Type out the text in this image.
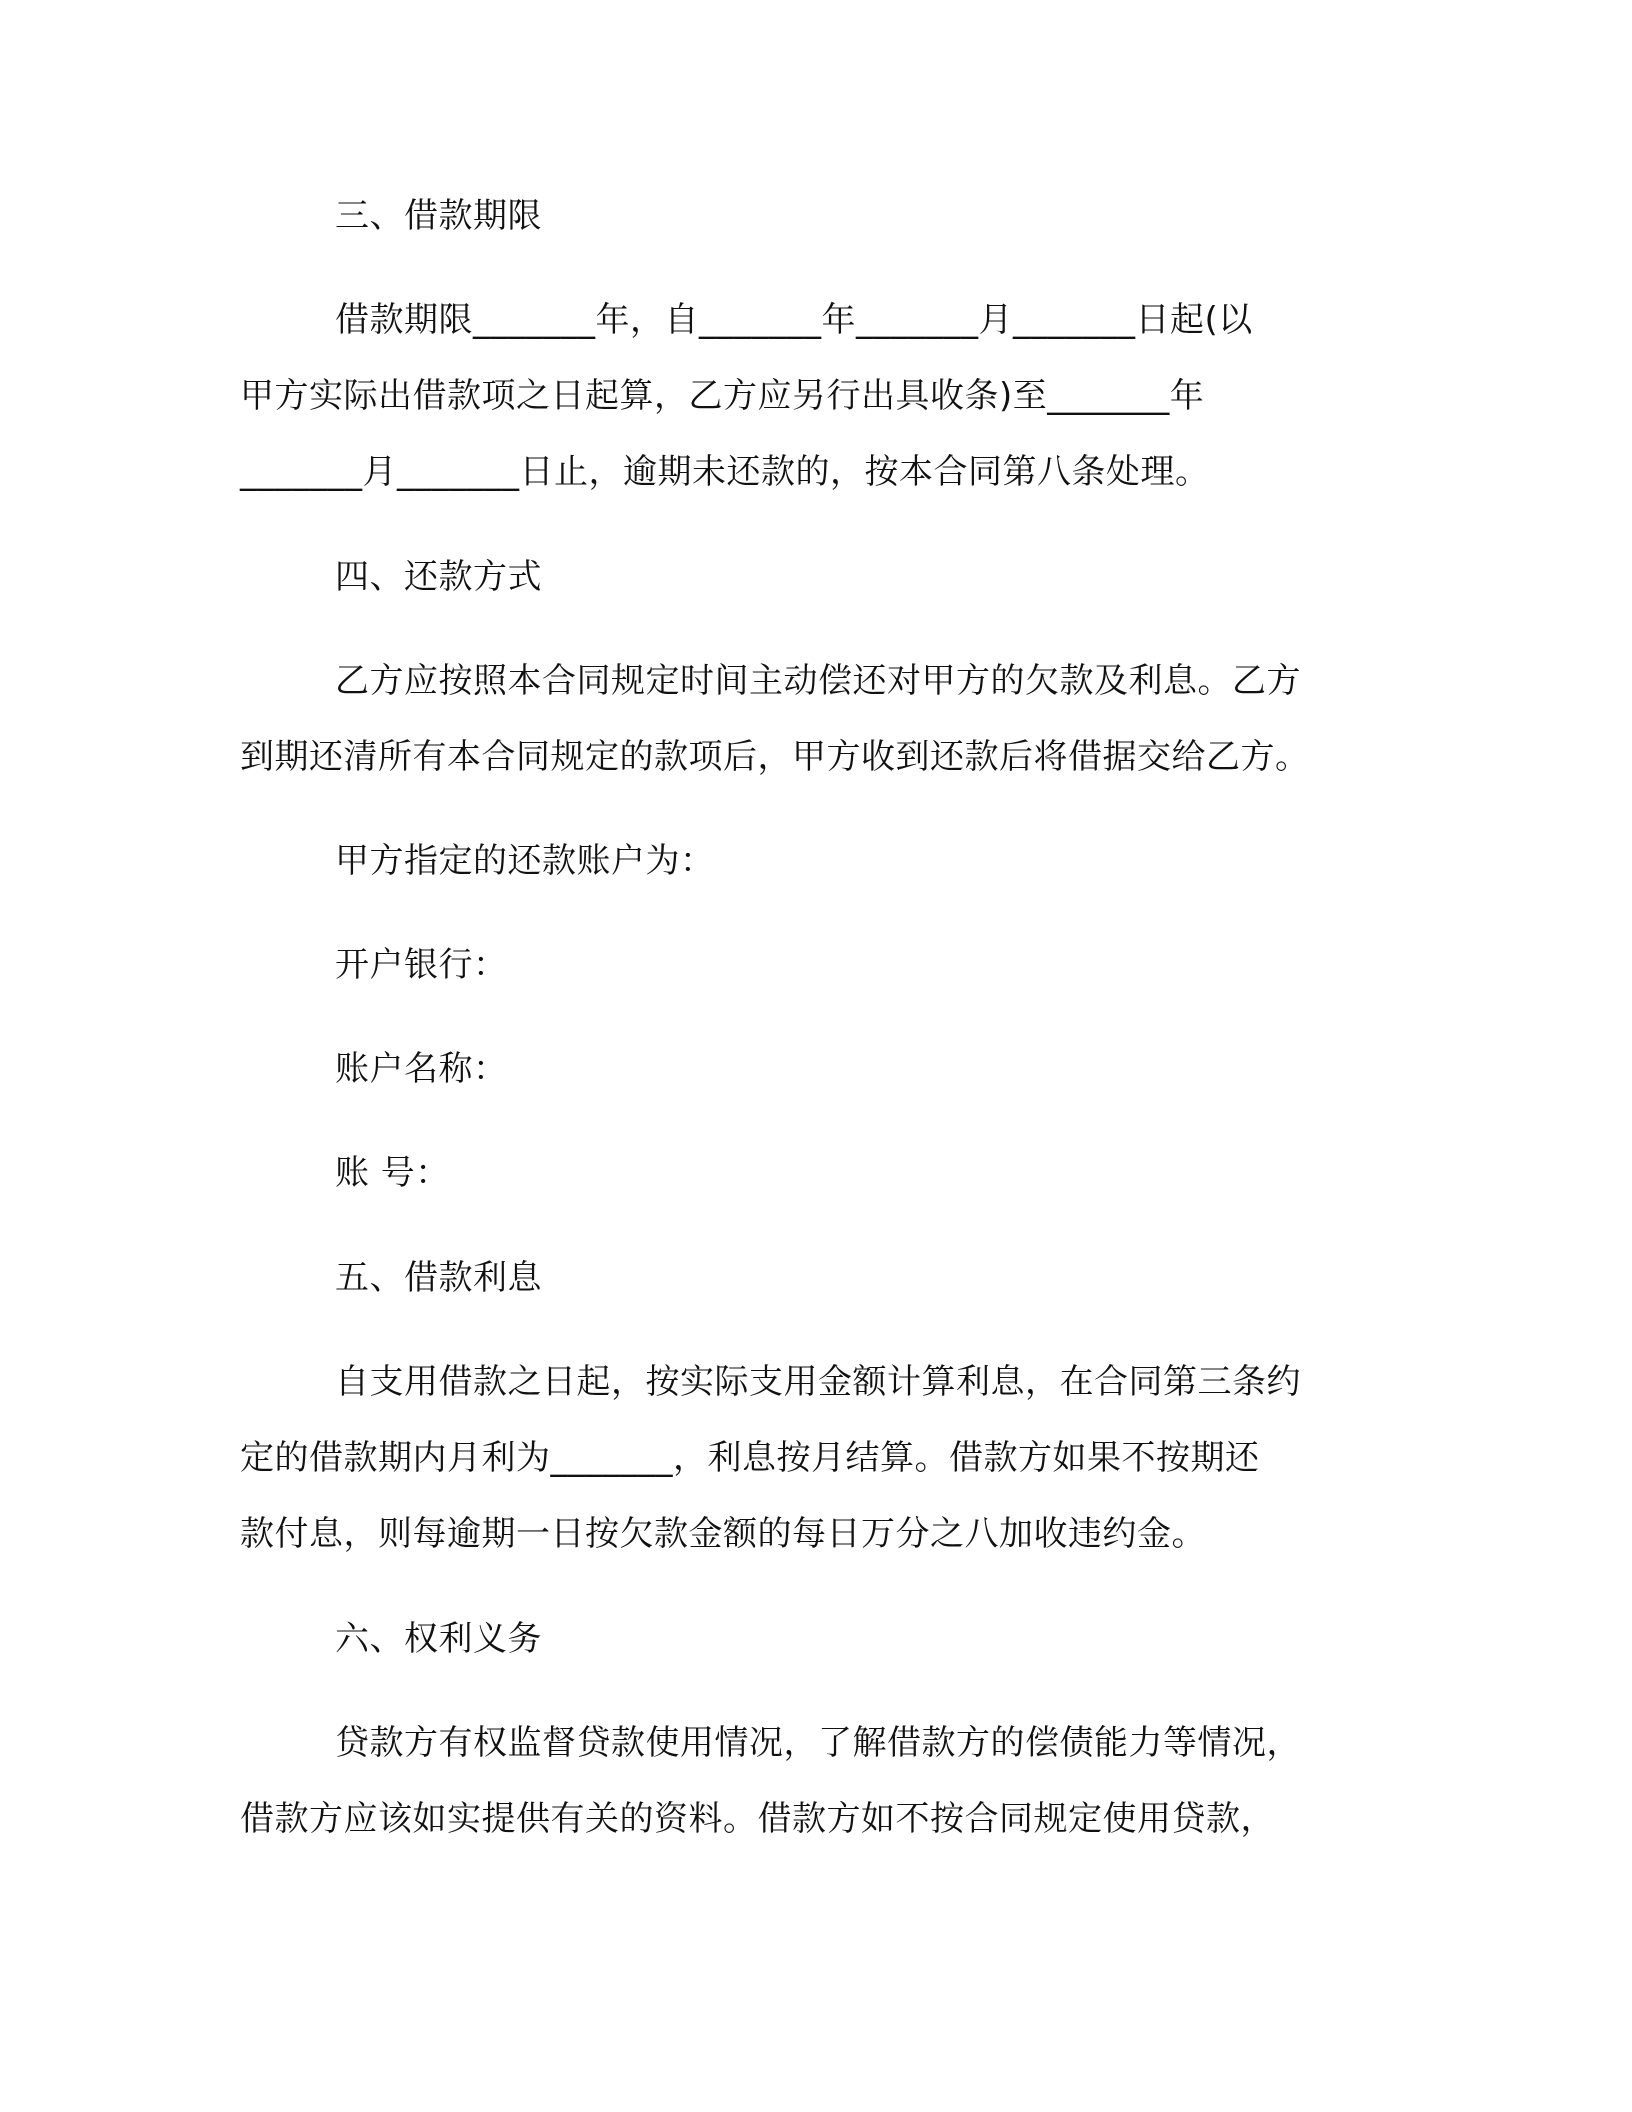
三、借款期限
借款期限_______年，自_______年_______月_______日起(以
甲方实际出借款项之日起算，乙方应另行出具收条)至_______年
_______月_______日止，逾期未还款的，按本合同第八条处理。
四、还款方式
乙方应按照本合同规定时间主动偿还对甲方的欠款及利息。乙方
到期还清所有本合同规定的款项后，甲方收到还款后将借据交给乙方。
甲方指定的还款账户为：
开户银行：
账户名称：
账 号：
五、借款利息
自支用借款之日起，按实际支用金额计算利息，在合同第三条约
定的借款期内月利为_______，利息按月结算。借款方如果不按期还
款付息，则每逾期一日按欠款金额的每日万分之八加收违约金。
六、权利义务
贷款方有权监督贷款使用情况，了解借款方的偿债能力等情况，
借款方应该如实提供有关的资料。借款方如不按合同规定使用贷款，
